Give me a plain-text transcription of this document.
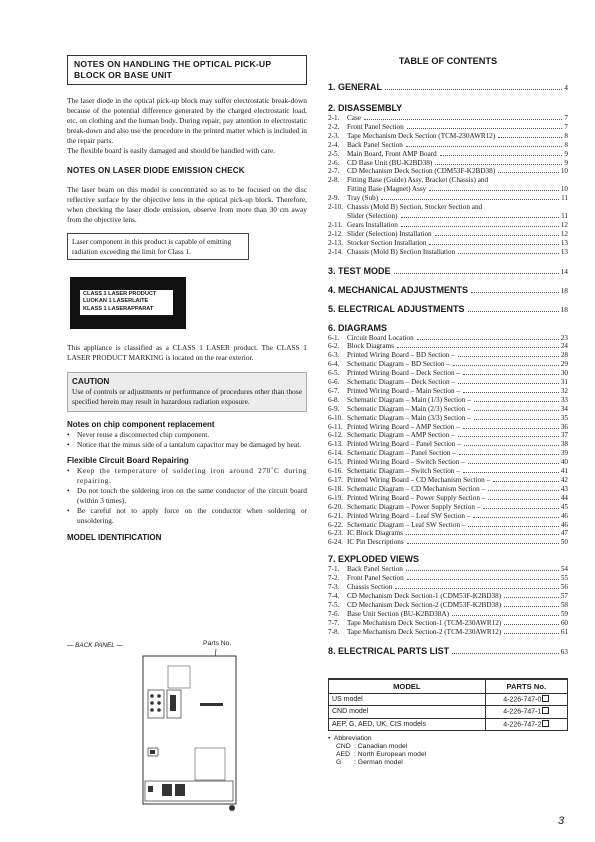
NOTES ON HANDLING THE OPTICAL PICK-UP BLOCK OR BASE UNIT

The laser diode in the optical pick-up block may suffer electrostatic break-down because of the potential difference generated by the charged electrostatic load, etc. on clothing and the human body. During repair, pay attention to electrostatic break-down and also use the procedure in the printed matter which is included in the repair parts.

The flexible board is easily damaged and should be handled with care.

NOTES ON LASER DIODE EMISSION CHECK

The laser beam on this model is concentrated so as to be focused on the disc reflective surface by the objective lens in the optical pick-up block. Therefore, when checking the laser diode emission, observe from more than 30 cm away from the objective lens.

Laser component in this product is capable of emitting radiation exceeding the limit for Class 1.
CLASS 1 LASER PRODUCT
LUOKAN 1 LASERLAITE
KLASS 1 LASERAPPARAT

This appliance is classified as a CLASS 1 LASER product. The CLASS 1 LASER PRODUCT MARKING is located on the rear exterior.

CAUTION

Use of controls or adjustments or performance of procedures other than those specified herein may result in hazardous radiation exposure.

Notes on chip component replacement

• Never reuse a disconnected chip component.
• Notice that the minus side of a tantalum capacitor may be damaged by heat.

Flexible Circuit Board Repairing

• Keep the temperature of soldering iron around 270˚C during repairing.
• Do not touch the soldering iron on the same conductor of the circuit board (within 3 times).
• Be careful not to apply force on the conductor when soldering or unsoldering.

MODEL IDENTIFICATION

— BACK PANEL —	Parts No.
TABLE OF CONTENTS
1. GENERAL	4
2. DISASSEMBLY
2-1.	Case	7
2-2.	Front Panel Section	7
2-3.	Tape Mechanism Deck Section (TCM-230AWR12)	8
2-4.	Back Panel Section	8
2-5.	Main Board, Front AMP Board	9
2-6.	CD Base Unit (BU-K2BD38)	9
2-7.	CD Mechanism Deck Section (CDM53F-K2BD38)	10
2-8.	Fitting Base (Guide) Assy, Bracket (Chassis) and
Fitting Base (Magnet) Assy	10
2-9.	Tray (Sub)	11
2-10. Chassis (Mold B) Section, Stocker Section and
Slider (Selection)	11
2-11. Gears Installation	12
2-12. Slider (Selection) Installation	12
2-13. Stocker Section Installation	13
2-14. Chassis (Mold B) Section Installation	13
3. TEST MODE	14
4. MECHANICAL ADJUSTMENTS	18
5. ELECTRICAL ADJUSTMENTS	18
6. DIAGRAMS
6-1.	Circuit Board Location	23
6-2.	Block Diagrams	24
6-3.	Printed Wiring Board – BD Section –	28
6-4.	Schematic Diagram – BD Section –	29
6-5.	Printed Wiring Board – Deck Section –	30
6-6.	Schematic Diagram – Deck Section –	31
6-7.	Printed Wiring Board – Main Section –	32
6-8.	Schematic Diagram – Main (1/3) Section –	33
6-9.	Schematic Diagram – Main (2/3) Section –	34
6-10. Schematic Diagram – Main (3/3) Section –	35
6-11. Printed Wiring Board – AMP Section –	36
6-12. Schematic Diagram – AMP Section –	37
6-13. Printed Wiring Board – Panel Section –	38
6-14. Schematic Diagram – Panel Section –	39
6-15. Printed Wiring Board – Switch Section –	40
6-16. Schematic Diagram – Switch Section –	41
6-17. Printed Wiring Board – CD Mechanism Section –	42
6-18. Schematic Diagram – CD Mechanism Section –	43
6-19. Printed Wiring Board – Power Supply Section –	44
6-20. Schematic Diagram – Power Supply Section –	45
6-21. Printed Wiring Board – Leaf SW Section –	46
6-22. Schematic Diagram – Leaf SW Section –	46
6-23. IC Block Diagrams	47
6-24. IC Pin Descriptions	50
7. EXPLODED VIEWS
7-1.	Back Panel Section	54
7-2.	Front Panel Section	55
7-3.	Chassis Section	56
7-4.	CD Mechanism Deck Section-1 (CDM53F-K2BD38)	57
7-5.	CD Mechanism Deck Section-2 (CDM53F-K2BD38)	58
7-6.	Base Unit Section (BU-K2BD38A)	59
7-7.	Tape Mechanism Deck Section-1 (TCM-230AWR12)	60
7-8.	Tape Mechanism Deck Section-2 (TCM-230AWR12)	61
8. ELECTRICAL PARTS LIST	63
MODEL	PARTS No.
US model	4-226-747-0
CND model	4-226-747-1
AEP, G, AED, UK, CIS models	4-226-747-2
•  Abbreviation
CND : Canadian model
AED : North European model
G : German model
3
